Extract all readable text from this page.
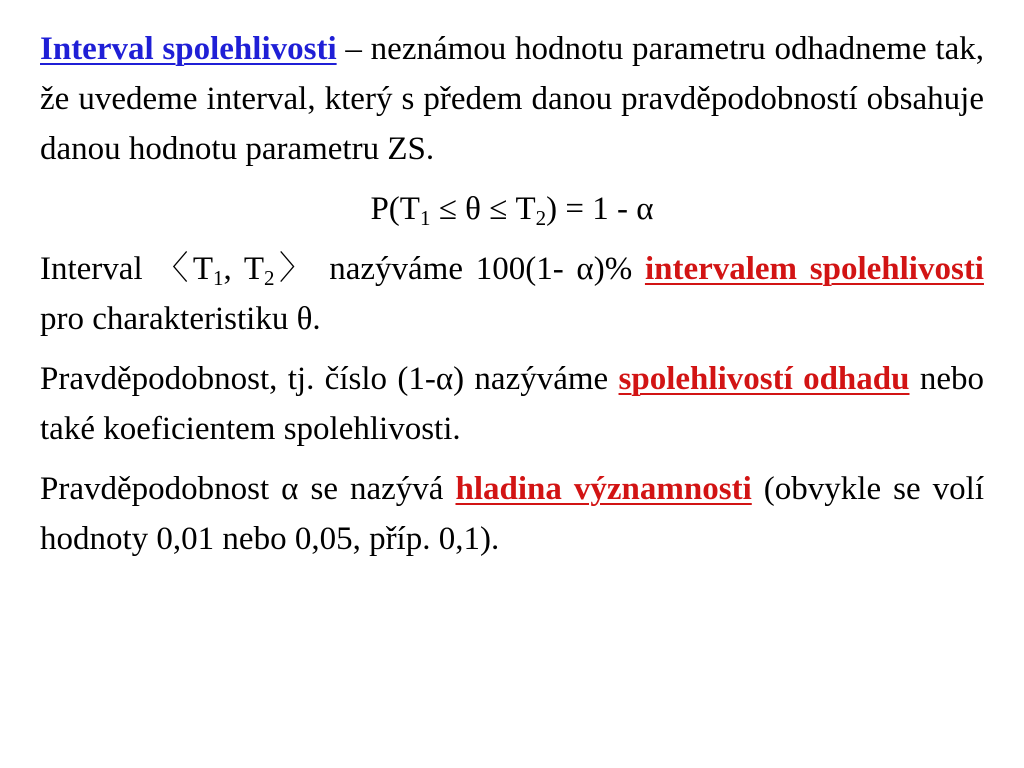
Interval spolehlivosti – neznámou hodnotu parametru odhadneme tak, že uvedeme interval, který s předem danou pravděpodobností obsahuje danou hodnotu parametru ZS.

$P(T_1 \le \theta \le T_2) = 1 - \alpha$

Interval 〈$T_1$, $T_2$〉 nazýváme 100(1- α)% intervalem spolehlivosti pro charakteristiku θ.

Pravděpodobnost, tj. číslo (1-α) nazýváme spolehlivostí odhadu nebo také koeficientem spolehlivosti.

Pravděpodobnost α se nazývá hladina významnosti (obvykle se volí hodnoty 0,01 nebo 0,05, příp. 0,1).
